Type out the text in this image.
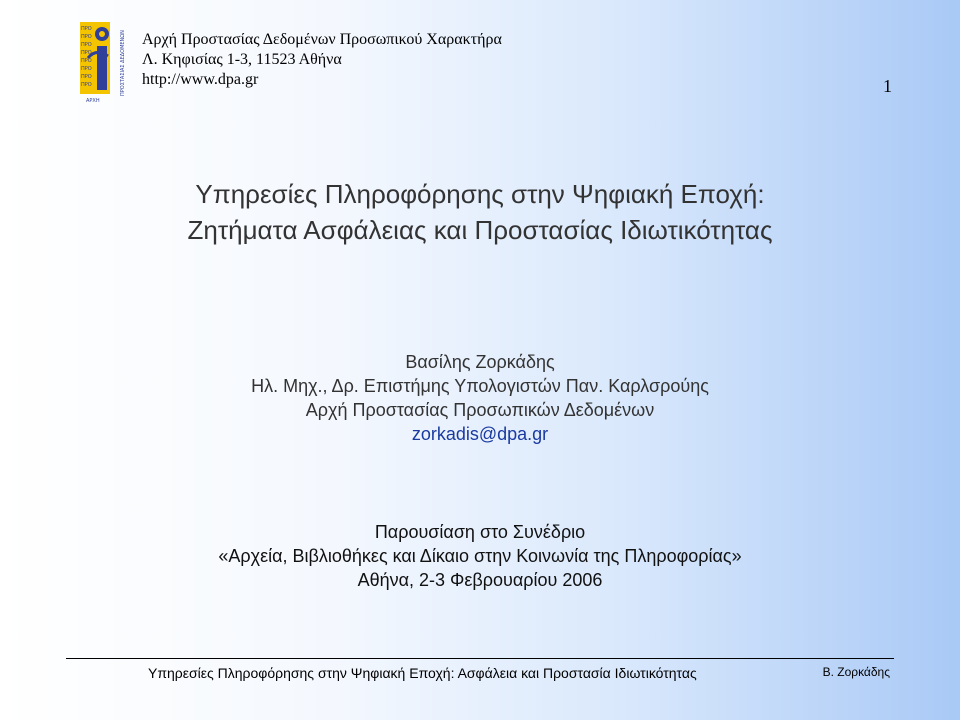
ΠΡΟ
ΠΡΟ
ΠΡΟ
ΠΡΟ
ΠΡΟ
ΠΡΟ
ΠΡΟ
ΠΡΟ	ΠΡΟΣΤΑΣΙΑΣ ΔΕΔΟΜΕΝΩΝ
ΑΡΧΗ
Αρχή Προστασίας Δεδομένων Προσωπικού Χαρακτήρα
Λ. Κηφισίας 1-3, 11523 Αθήνα
http://www.dpa.gr	1
Υπηρεσίες Πληροφόρησης στην Ψηφιακή Εποχή:
Ζητήματα Ασφάλειας και Προστασίας Ιδιωτικότητας
Βασίλης Ζορκάδης
Ηλ. Μηχ., Δρ. Επιστήμης Υπολογιστών Παν. Καρλσρούης
Αρχή Προστασίας Προσωπικών Δεδομένων
zorkadis@dpa.gr
Παρουσίαση στο Συνέδριο
«Αρχεία, Βιβλιοθήκες και Δίκαιο στην Κοινωνία της Πληροφορίας»
Αθήνα, 2-3 Φεβρουαρίου 2006
Υπηρεσίες Πληροφόρησης στην Ψηφιακή Εποχή: Ασφάλεια και Προστασία Ιδιωτικότητας	Β. Ζορκάδης
